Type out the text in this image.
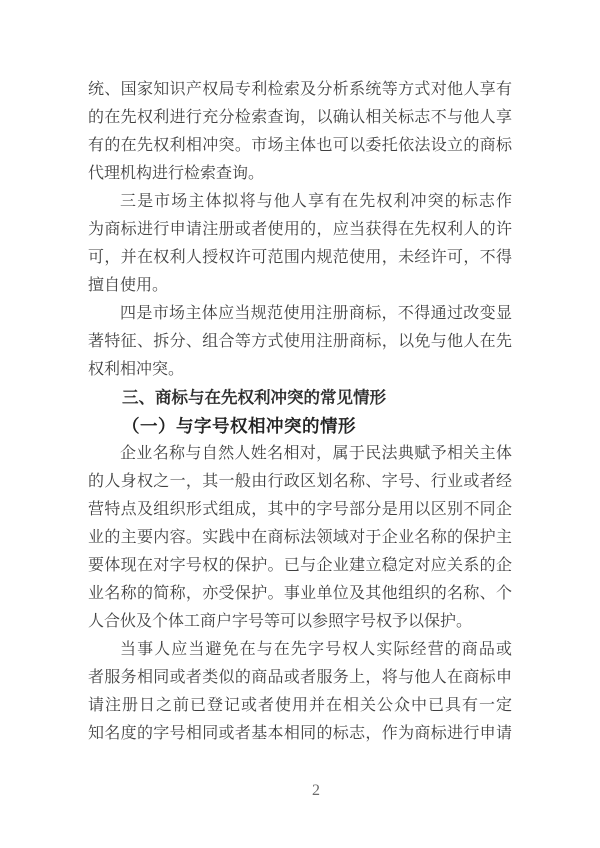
统、国家知识产权局专利检索及分析系统等方式对他人享有
的在先权利进行充分检索查询，以确认相关标志不与他人享
有的在先权利相冲突。市场主体也可以委托依法设立的商标
代理机构进行检索查询。
三是市场主体拟将与他人享有在先权利冲突的标志作
为商标进行申请注册或者使用的，应当获得在先权利人的许
可，并在权利人授权许可范围内规范使用，未经许可，不得
擅自使用。
四是市场主体应当规范使用注册商标，不得通过改变显
著特征、拆分、组合等方式使用注册商标，以免与他人在先
权利相冲突。
三、商标与在先权利冲突的常见情形
（一）与字号权相冲突的情形
企业名称与自然人姓名相对，属于民法典赋予相关主体
的人身权之一，其一般由行政区划名称、字号、行业或者经
营特点及组织形式组成，其中的字号部分是用以区别不同企
业的主要内容。实践中在商标法领域对于企业名称的保护主
要体现在对字号权的保护。已与企业建立稳定对应关系的企
业名称的简称，亦受保护。事业单位及其他组织的名称、个
人合伙及个体工商户字号等可以参照字号权予以保护。
当事人应当避免在与在先字号权人实际经营的商品或
者服务相同或者类似的商品或者服务上，将与他人在商标申
请注册日之前已登记或者使用并在相关公众中已具有一定
知名度的字号相同或者基本相同的标志，作为商标进行申请
2
